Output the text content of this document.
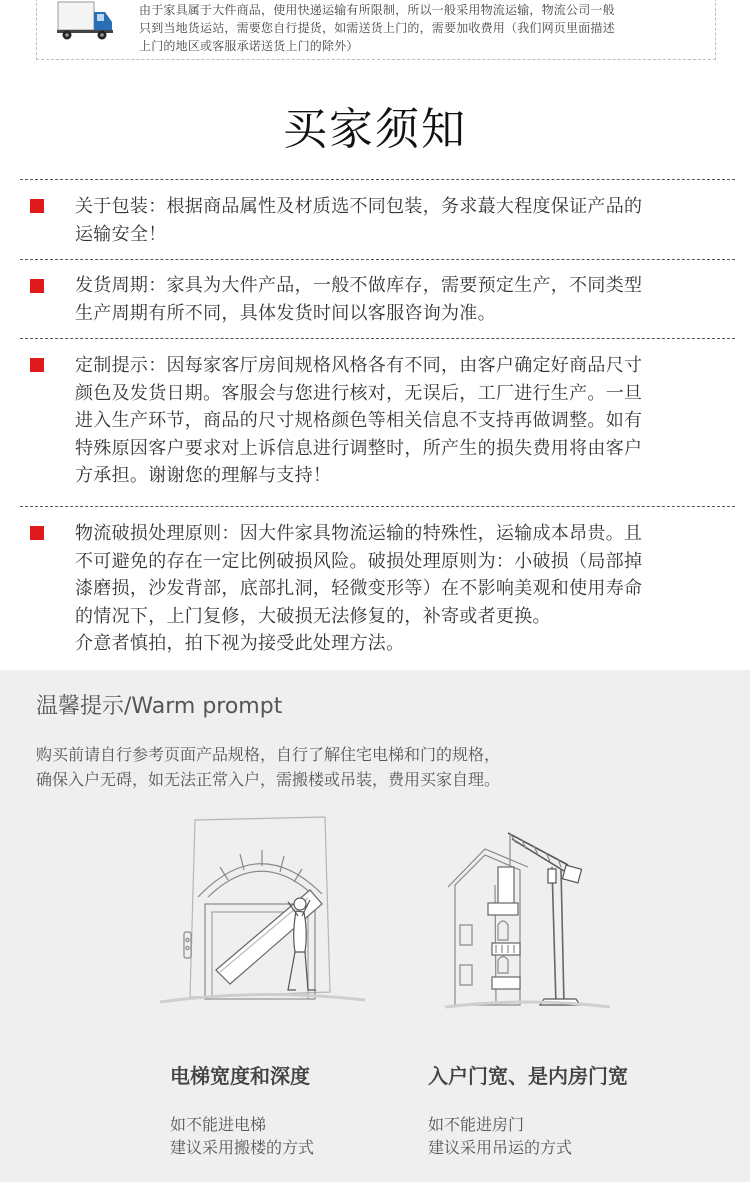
由于家具属于大件商品，使用快递运输有所限制，所以一般采用物流运输，物流公司一般
只到当地货运站，需要您自行提货，如需送货上门的，需要加收费用（我们网页里面描述
上门的地区或客服承诺送货上门的除外）
买家须知
关于包装：根据商品属性及材质选不同包装，务求蕞大程度保证产品的
运输安全！
发货周期：家具为大件产品，一般不做库存，需要预定生产，不同类型
生产周期有所不同，具体发货时间以客服咨询为准。
定制提示：因每家客厅房间规格风格各有不同，由客户确定好商品尺寸
颜色及发货日期。客服会与您进行核对，无误后，工厂进行生产。一旦
进入生产环节，商品的尺寸规格颜色等相关信息不支持再做调整。如有
特殊原因客户要求对上诉信息进行调整时，所产生的损失费用将由客户
方承担。谢谢您的理解与支持！
物流破损处理原则：因大件家具物流运输的特殊性，运输成本昂贵。且
不可避免的存在一定比例破损风险。破损处理原则为：小破损（局部掉
漆磨损，沙发背部，底部扎洞，轻微变形等）在不影响美观和使用寿命
的情况下，上门复修，大破损无法修复的，补寄或者更换。
介意者慎拍，拍下视为接受此处理方法。
温馨提示/Warm prompt
购买前请自行参考页面产品规格，自行了解住宅电梯和门的规格，
确保入户无碍，如无法正常入户，需搬楼或吊装，费用买家自理。
电梯宽度和深度
如不能进电梯
建议采用搬楼的方式
入户门宽、是内房门宽
如不能进房门
建议采用吊运的方式
